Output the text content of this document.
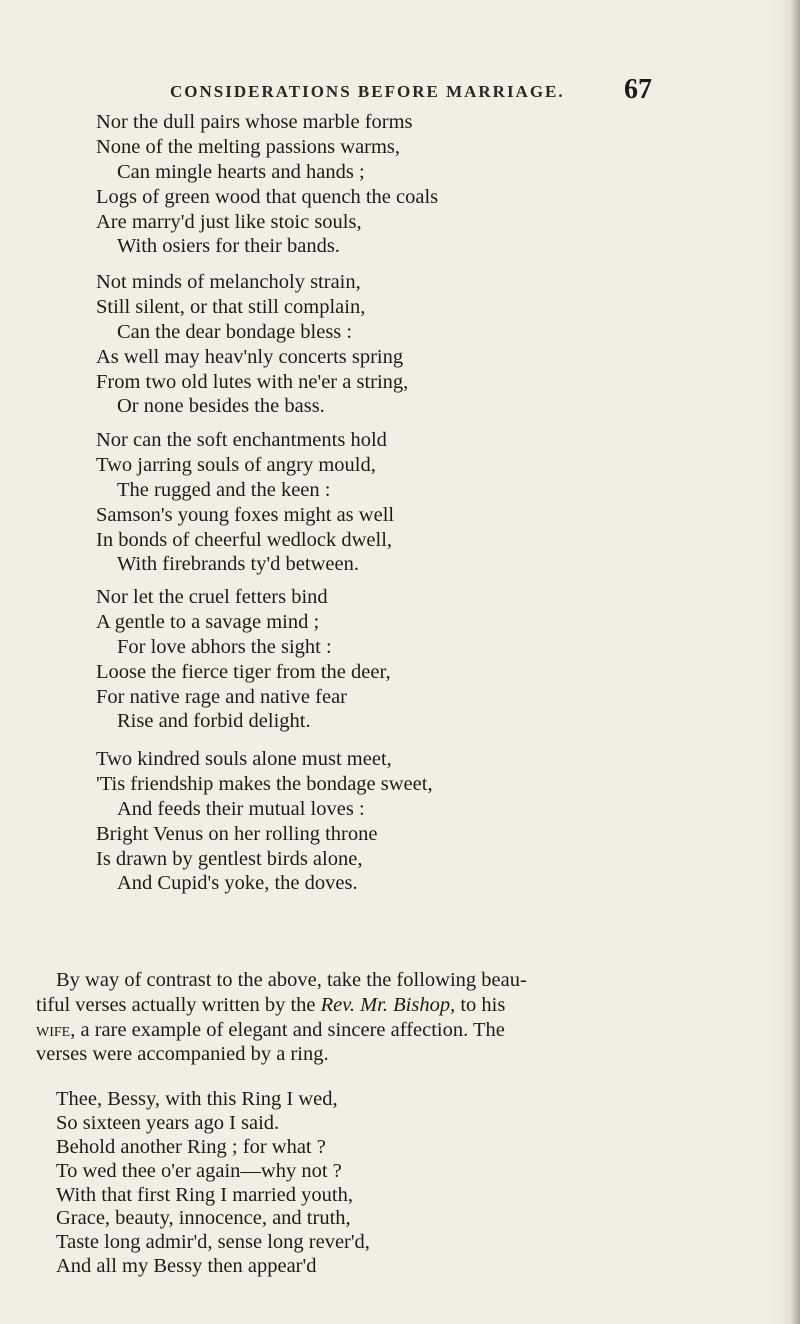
CONSIDERATIONS BEFORE MARRIAGE. 67
Nor the dull pairs whose marble forms
None of the melting passions warms,
Can mingle hearts and hands ;
Logs of green wood that quench the coals
Are marry'd just like stoic souls,
With osiers for their bands.
Not minds of melancholy strain,
Still silent, or that still complain,
Can the dear bondage bless :
As well may heav'nly concerts spring
From two old lutes with ne'er a string,
Or none besides the bass.
Nor can the soft enchantments hold
Two jarring souls of angry mould,
The rugged and the keen :
Samson's young foxes might as well
In bonds of cheerful wedlock dwell,
With firebrands ty'd between.
Nor let the cruel fetters bind
A gentle to a savage mind ;
For love abhors the sight :
Loose the fierce tiger from the deer,
For native rage and native fear
Rise and forbid delight.
Two kindred souls alone must meet,
'Tis friendship makes the bondage sweet,
And feeds their mutual loves :
Bright Venus on her rolling throne
Is drawn by gentlest birds alone,
And Cupid's yoke, the doves.
By way of contrast to the above, take the following beau-
tiful verses actually written by the Rev. Mr. Bishop, to his
wife, a rare example of elegant and sincere affection. The
verses were accompanied by a ring.
Thee, Bessy, with this Ring I wed,
So sixteen years ago I said.
Behold another Ring ; for what ?
To wed thee o'er again—why not ?
With that first Ring I married youth,
Grace, beauty, innocence, and truth,
Taste long admir'd, sense long rever'd,
And all my Bessy then appear'd
